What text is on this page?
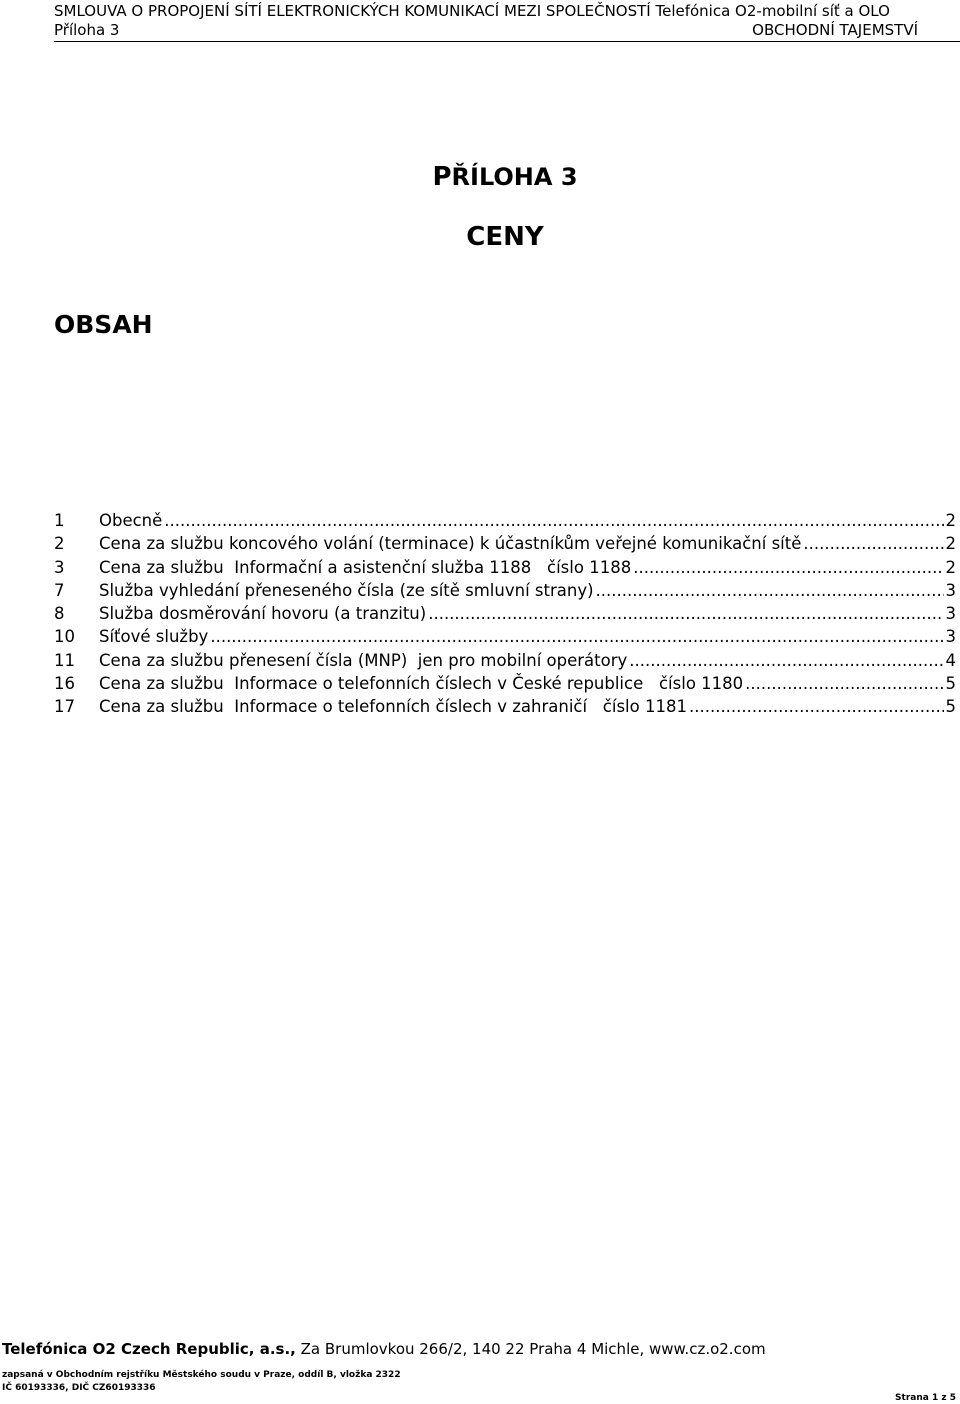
SMLOUVA O PROPOJENÍ SÍTÍ ELEKTRONICKÝCH KOMUNIKACÍ MEZI SPOLEČNOSTÍ Telefónica O2-mobilní síť a OLO
Příloha 3	OBCHODNÍ TAJEMSTVÍ
PŘÍLOHA 3
CENY
OBSAH
1	Obecně .....	2
2	Cena za službu koncového volání (terminace) k účastníkům veřejné komunikační sítě .....	2
3	Cena za službu  Informační a asistenční služba 1188   číslo 1188 .....	2
7	Služba vyhledání přeneseného čísla (ze sítě smluvní strany) .....	3
8	Služba dosměrování hovoru (a tranzitu) .....	3
10	Síťové služby .....	3
11	Cena za službu přenesení čísla (MNP)  jen pro mobilní operátory .....	4
16	Cena za službu  Informace o telefonních číslech v České republice   číslo 1180 .....	5
17	Cena za službu  Informace o telefonních číslech v zahraničí   číslo 1181 .....	5
Telefónica O2 Czech Republic, a.s., Za Brumlovkou 266/2, 140 22 Praha 4 Michle, www.cz.o2.com
zapsaná v Obchodním rejstříku Městského soudu v Praze, oddíl B, vložka 2322
IČ 60193336, DIČ CZ60193336
Strana 1 z 5
